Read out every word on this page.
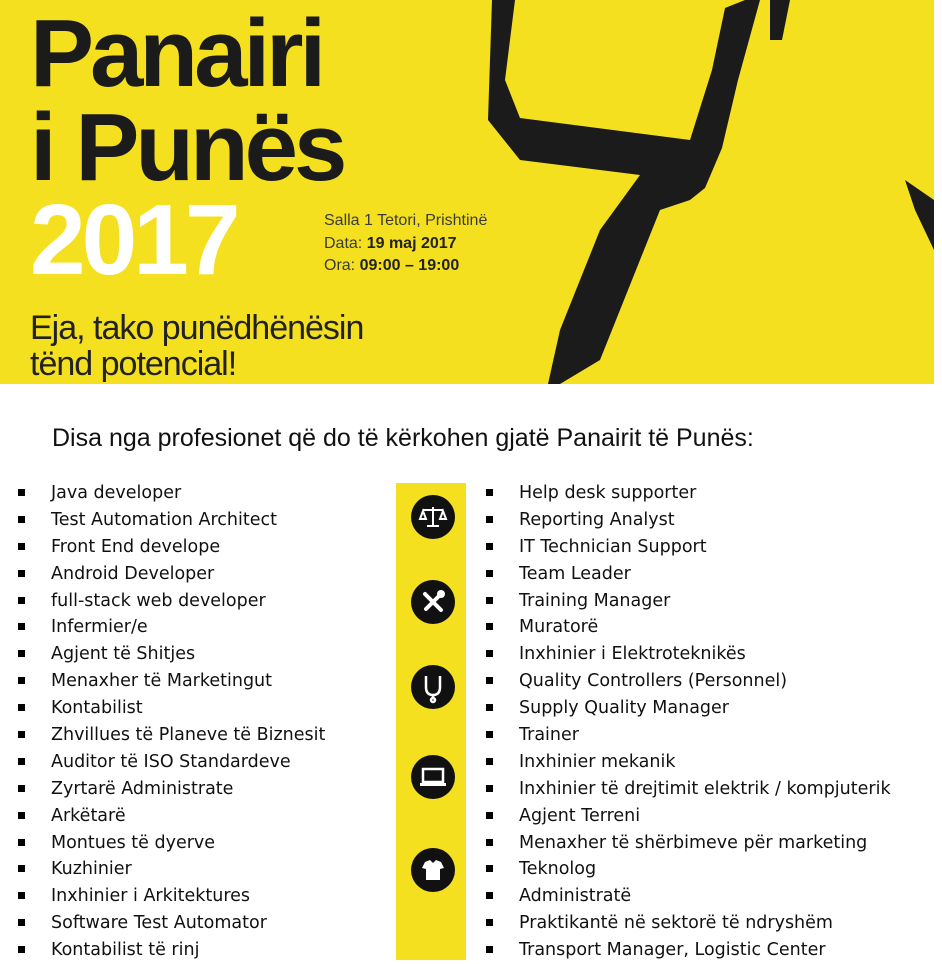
Panairi
i Punës
2017	Salla 1 Tetori, Prishtinë
Data: 19 maj 2017
Ora: 09:00 – 19:00
Eja, tako punëdhënësin
tënd potencial!
Disa nga profesionet që do të kërkohen gjatë Panairit të Punës:
Java developer
Test Automation Architect
Front End develope
Android Developer
full-stack web developer
Infermier/e
Agjent të Shitjes
Menaxher të Marketingut
Kontabilist
Zhvillues të Planeve të Biznesit
Auditor të ISO Standardeve
Zyrtarë Administrate
Arkëtarë
Montues të dyerve
Kuzhinier
Inxhinier i Arkitektures
Software Test Automator
Kontabilist të rinj
Help desk supporter
Reporting Analyst
IT Technician Support
Team Leader
Training Manager
Muratorë
Inxhinier i Elektroteknikës
Quality Controllers (Personnel)
Supply Quality Manager
Trainer
Inxhinier mekanik
Inxhinier të drejtimit elektrik / kompjuterik
Agjent Terreni
Menaxher të shërbimeve për marketing
Teknolog
Administratë
Praktikantë në sektorë të ndryshëm
Transport Manager, Logistic Center
